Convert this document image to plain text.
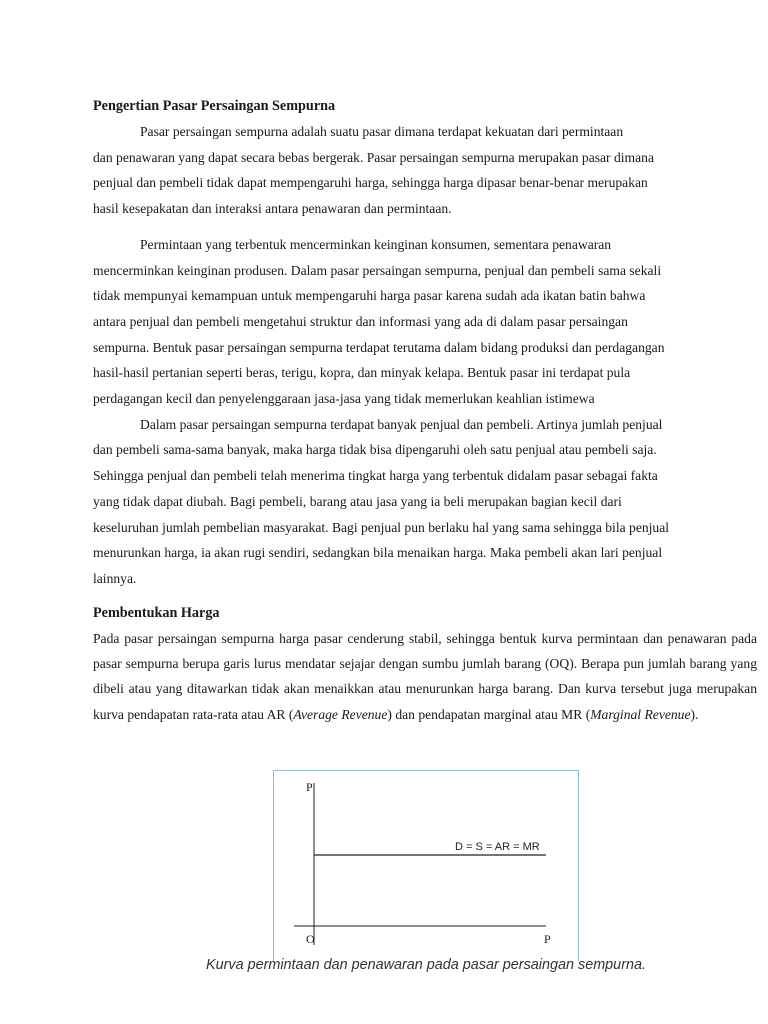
Pengertian Pasar Persaingan Sempurna
Pasar persaingan sempurna adalah suatu pasar dimana terdapat kekuatan dari permintaan
dan penawaran yang dapat secara bebas bergerak. Pasar persaingan sempurna merupakan pasar dimana
penjual dan pembeli tidak dapat mempengaruhi harga, sehingga harga dipasar benar-benar merupakan
hasil kesepakatan dan interaksi antara penawaran dan permintaan.
Permintaan yang terbentuk mencerminkan keinginan konsumen, sementara penawaran
mencerminkan keinginan produsen. Dalam pasar persaingan sempurna, penjual dan pembeli sama sekali
tidak mempunyai kemampuan untuk mempengaruhi harga pasar karena sudah ada ikatan batin bahwa
antara penjual dan pembeli mengetahui struktur dan informasi yang ada di dalam pasar persaingan
sempurna. Bentuk pasar persaingan sempurna terdapat terutama dalam bidang produksi dan perdagangan
hasil-hasil pertanian seperti beras, terigu, kopra, dan minyak kelapa. Bentuk pasar ini terdapat pula
perdagangan kecil dan penyelenggaraan jasa-jasa yang tidak memerlukan keahlian istimewa
Dalam pasar persaingan sempurna terdapat banyak penjual dan pembeli. Artinya jumlah penjual
dan pembeli sama-sama banyak, maka harga tidak bisa dipengaruhi oleh satu penjual atau pembeli saja.
Sehingga penjual dan pembeli telah menerima tingkat harga yang terbentuk didalam pasar sebagai fakta
yang tidak dapat diubah. Bagi pembeli, barang atau jasa yang ia beli merupakan bagian kecil dari
keseluruhan jumlah pembelian masyarakat. Bagi penjual pun berlaku hal yang sama sehingga bila penjual
menurunkan harga, ia akan rugi sendiri, sedangkan bila menaikan harga. Maka pembeli akan lari penjual
lainnya.
Pembentukan Harga
Pada pasar persaingan sempurna harga pasar cenderung stabil, sehingga bentuk kurva permintaan dan penawaran pada pasar sempurna berupa garis lurus mendatar sejajar dengan sumbu jumlah barang (OQ). Berapa pun jumlah barang yang dibeli atau yang ditawarkan tidak akan menaikkan atau menurunkan harga barang. Dan kurva tersebut juga merupakan kurva pendapatan rata-rata atau AR (Average Revenue) dan pendapatan marginal atau MR (Marginal Revenue).
P
O	P
D = S = AR = MR
Kurva permintaan dan penawaran pada pasar persaingan sempurna.
